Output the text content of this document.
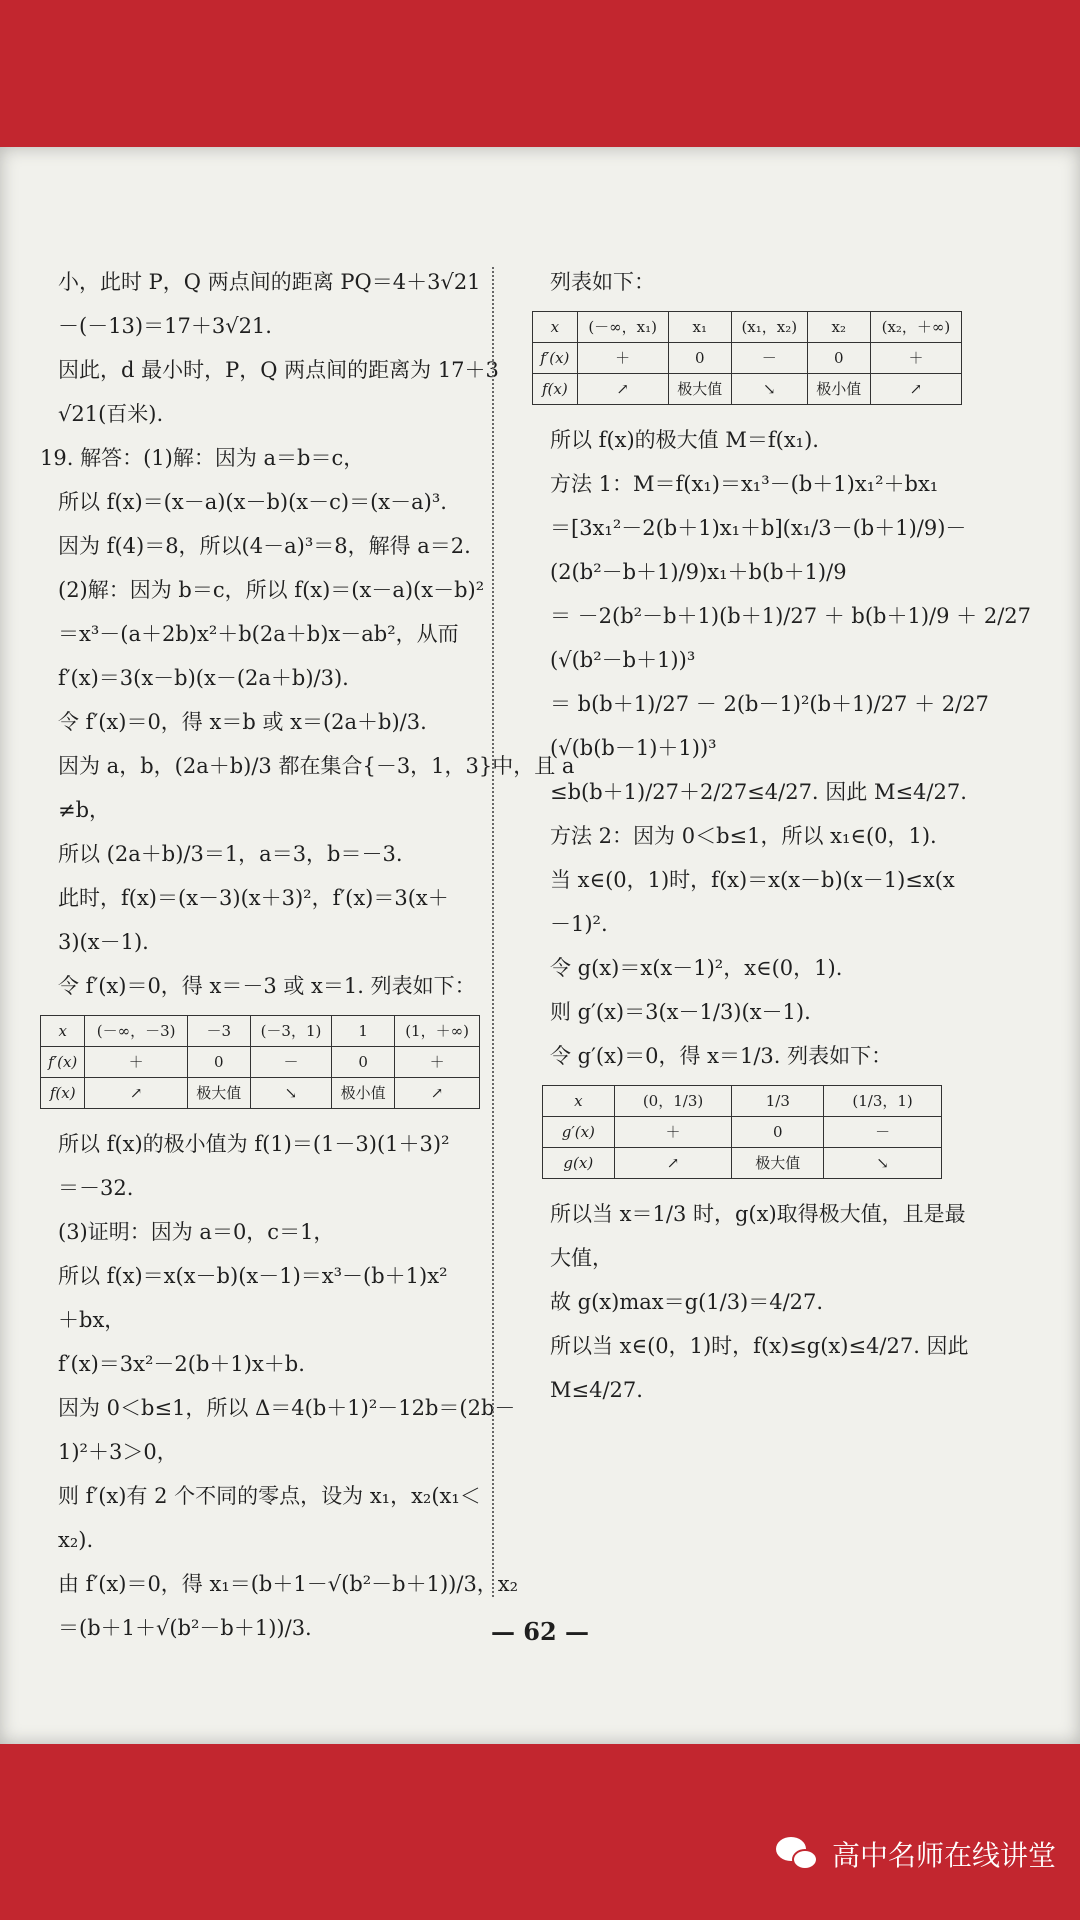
小，此时 P，Q 两点间的距离 PQ＝4＋3√21
－(－13)＝17＋3√21.
因此，d 最小时，P，Q 两点间的距离为 17＋3
√21(百米).
19. 解答：(1)解：因为 a＝b＝c，
所以 f(x)＝(x－a)(x－b)(x－c)＝(x－a)³.
因为 f(4)＝8，所以(4－a)³＝8，解得 a＝2.
(2)解：因为 b＝c，所以 f(x)＝(x－a)(x－b)²
＝x³－(a＋2b)x²＋b(2a＋b)x－ab²，从而
f′(x)＝3(x－b)(x－(2a＋b)/3).
令 f′(x)＝0，得 x＝b 或 x＝(2a＋b)/3.
因为 a，b，(2a＋b)/3 都在集合{－3，1，3}中，且 a
≠b，
所以 (2a＋b)/3＝1，a＝3，b＝－3.
此时，f(x)＝(x－3)(x＋3)²，f′(x)＝3(x＋
3)(x－1).
令 f′(x)＝0，得 x＝－3 或 x＝1. 列表如下：
x	(－∞，－3)	－3	(－3，1)	1	(1，＋∞)
f′(x)	＋	0	－	0	＋
f(x)	↗	极大值	↘	极小值	↗
所以 f(x)的极小值为 f(1)＝(1－3)(1＋3)²
＝－32.
(3)证明：因为 a＝0，c＝1，
所以 f(x)＝x(x－b)(x－1)＝x³－(b＋1)x²
＋bx，
f′(x)＝3x²－2(b＋1)x＋b.
因为 0＜b≤1，所以 Δ＝4(b＋1)²－12b＝(2b－
1)²＋3＞0，
则 f′(x)有 2 个不同的零点，设为 x₁，x₂(x₁＜
x₂).
由 f′(x)＝0，得 x₁＝(b＋1－√(b²－b＋1))/3，x₂
＝(b＋1＋√(b²－b＋1))/3.
列表如下：
x	(－∞，x₁)	x₁	(x₁，x₂)	x₂	(x₂，＋∞)
f′(x)	＋	0	－	0	＋
f(x)	↗	极大值	↘	极小值	↗
所以 f(x)的极大值 M＝f(x₁).
方法 1：M＝f(x₁)＝x₁³－(b＋1)x₁²＋bx₁
＝[3x₁²－2(b＋1)x₁＋b](x₁/3－(b＋1)/9)－
(2(b²－b＋1)/9)x₁＋b(b＋1)/9
＝ －2(b²－b＋1)(b＋1)/27 ＋ b(b＋1)/9 ＋ 2/27
(√(b²－b＋1))³
＝ b(b＋1)/27 － 2(b－1)²(b＋1)/27 ＋ 2/27
(√(b(b－1)＋1))³
≤b(b＋1)/27＋2/27≤4/27. 因此 M≤4/27.
方法 2：因为 0＜b≤1，所以 x₁∈(0，1).
当 x∈(0，1)时，f(x)＝x(x－b)(x－1)≤x(x
－1)².
令 g(x)＝x(x－1)²，x∈(0，1).
则 g′(x)＝3(x－1/3)(x－1).
令 g′(x)＝0，得 x＝1/3. 列表如下：
x	(0，1/3)	1/3	(1/3，1)
g′(x)	＋	0	－
g(x)	↗	极大值	↘
所以当 x＝1/3 时，g(x)取得极大值，且是最
大值，
故 g(x)max＝g(1/3)＝4/27.
所以当 x∈(0，1)时，f(x)≤g(x)≤4/27. 因此
M≤4/27.
— 62 —
高中名师在线讲堂
